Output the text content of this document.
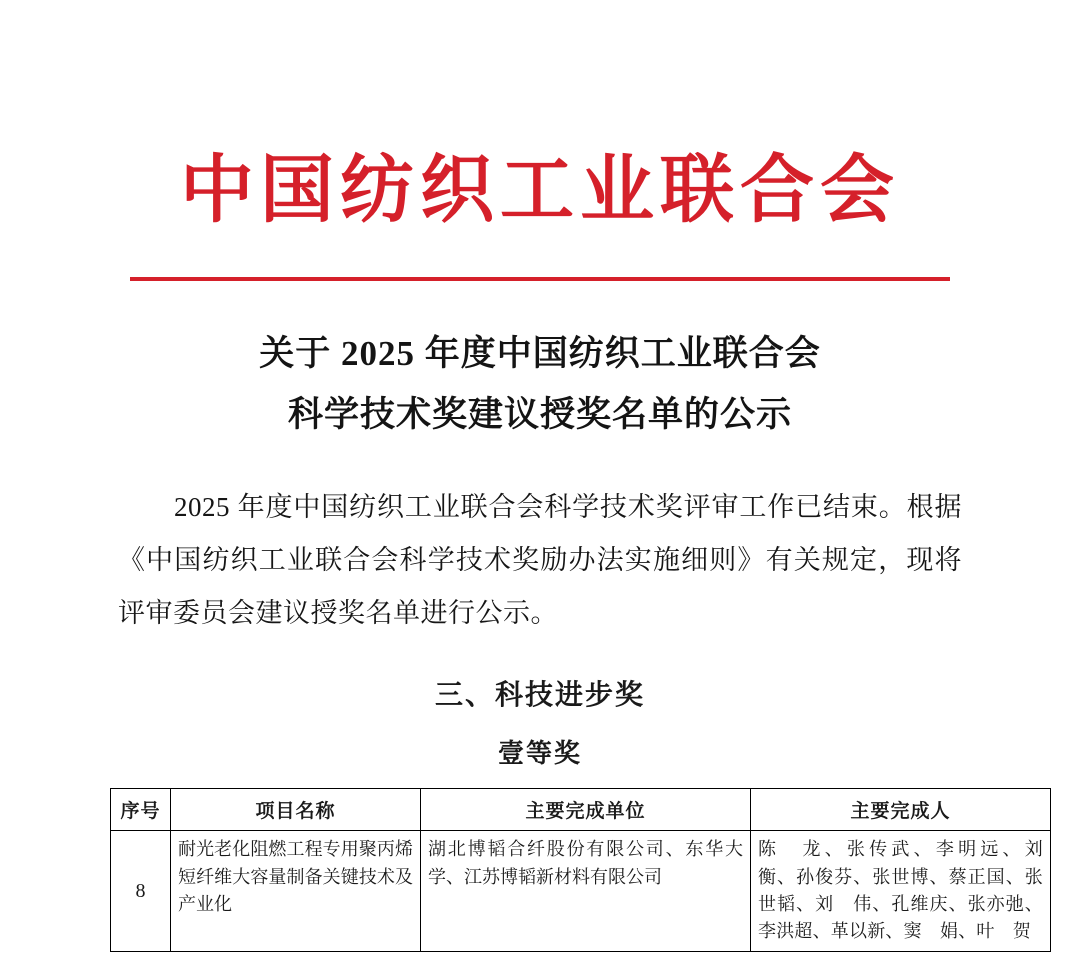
中国纺织工业联合会
关于 2025 年度中国纺织工业联合会
科学技术奖建议授奖名单的公示

2025 年度中国纺织工业联合会科学技术奖评审工作已结束。根据《中国纺织工业联合会科学技术奖励办法实施细则》有关规定，现将评审委员会建议授奖名单进行公示。

三、科技进步奖
壹等奖
序号	项目名称	主要完成单位	主要完成人
8	耐光老化阻燃工程专用聚丙烯短纤维大容量制备关键技术及产业化	湖北博韬合纤股份有限公司、东华大学、江苏博韬新材料有限公司	陈　龙、张传武、李明远、刘　衡、孙俊芬、张世博、蔡正国、张世韬、刘　伟、孔维庆、张亦弛、李洪超、革以新、窦　娟、叶　贺
